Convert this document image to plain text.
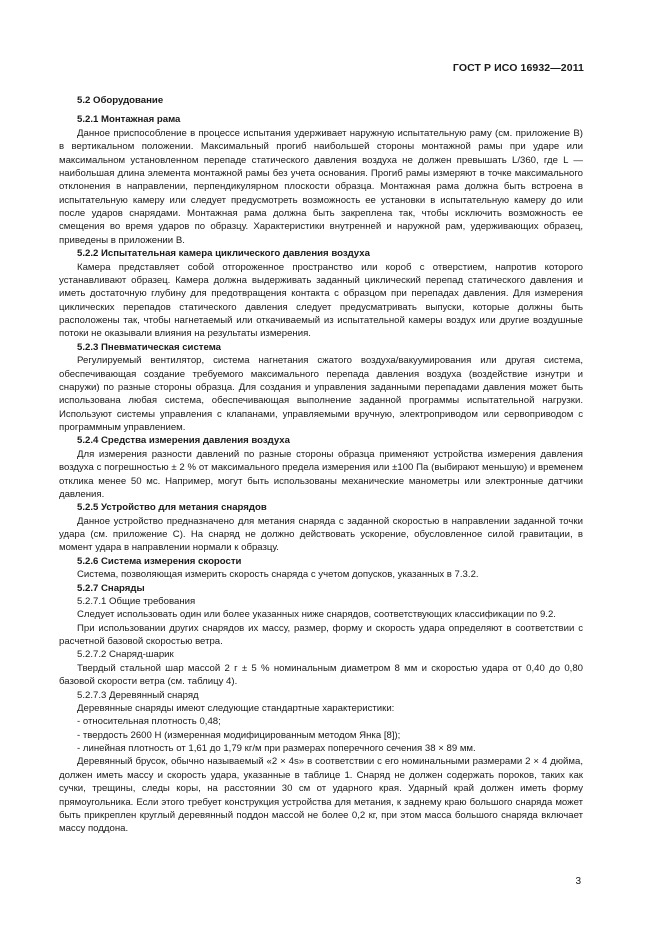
ГОСТ Р ИСО 16932—2011

5.2 Оборудование

5.2.1 Монтажная рама

Данное приспособление в процессе испытания удерживает наружную испытательную раму (см. приложение В) в вертикальном положении. Максимальный прогиб наибольшей стороны монтажной рамы при ударе или максимальном установленном перепаде статического давления воздуха не должен превышать L/360, где L — наибольшая длина элемента монтажной рамы без учета основания. Прогиб рамы измеряют в точке максимального отклонения в направлении, перпендикулярном плоскости образца. Монтажная рама должна быть встроена в испытательную камеру или следует предусмотреть возможность ее установки в испытательную камеру до или после ударов снарядами. Монтажная рама должна быть закреплена так, чтобы исключить возможность ее смещения во время ударов по образцу. Характеристики внутренней и наружной рам, удерживающих образец, приведены в приложении В.

5.2.2 Испытательная камера циклического давления воздуха

Камера представляет собой отгороженное пространство или короб с отверстием, напротив которого устанавливают образец. Камера должна выдерживать заданный циклический перепад статического давления и иметь достаточную глубину для предотвращения контакта с образцом при перепадах давления. Для измерения циклических перепадов статического давления следует предусматривать выпуски, которые должны быть расположены так, чтобы нагнетаемый или откачиваемый из испытательной камеры воздух или другие воздушные потоки не оказывали влияния на результаты измерения.

5.2.3 Пневматическая система

Регулируемый вентилятор, система нагнетания сжатого воздуха/вакуумирования или другая система, обеспечивающая создание требуемого максимального перепада давления воздуха (воздействие изнутри и снаружи) по разные стороны образца. Для создания и управления заданными перепадами давления может быть использована любая система, обеспечивающая выполнение заданной программы испытательной нагрузки. Используют системы управления с клапанами, управляемыми вручную, электроприводом или сервоприводом с программным управлением.

5.2.4 Средства измерения давления воздуха

Для измерения разности давлений по разные стороны образца применяют устройства измерения давления воздуха с погрешностью ± 2 % от максимального предела измерения или ±100 Па (выбирают меньшую) и временем отклика менее 50 мс. Например, могут быть использованы механические манометры или электронные датчики давления.

5.2.5 Устройство для метания снарядов

Данное устройство предназначено для метания снаряда с заданной скоростью в направлении заданной точки удара (см. приложение С). На снаряд не должно действовать ускорение, обусловленное силой гравитации, в момент удара в направлении нормали к образцу.

5.2.6 Система измерения скорости

Система, позволяющая измерить скорость снаряда с учетом допусков, указанных в 7.3.2.

5.2.7 Снаряды

5.2.7.1 Общие требования

Следует использовать один или более указанных ниже снарядов, соответствующих классификации по 9.2.

При использовании других снарядов их массу, размер, форму и скорость удара определяют в соответствии с расчетной базовой скоростью ветра.

5.2.7.2 Снаряд-шарик

Твердый стальной шар массой 2 г ± 5 % номинальным диаметром 8 мм и скоростью удара от 0,40 до 0,80 базовой скорости ветра (см. таблицу 4).

5.2.7.3 Деревянный снаряд

Деревянные снаряды имеют следующие стандартные характеристики:

- относительная плотность 0,48;

- твердость 2600 Н (измеренная модифицированным методом Янка [8]);

- линейная плотность от 1,61 до 1,79 кг/м при размерах поперечного сечения 38 × 89 мм.

Деревянный брусок, обычно называемый «2 × 4s» в соответствии с его номинальными размерами 2 × 4 дюйма, должен иметь массу и скорость удара, указанные в таблице 1. Снаряд не должен содержать пороков, таких как сучки, трещины, следы коры, на расстоянии 30 см от ударного края. Ударный край должен иметь форму прямоугольника. Если этого требует конструкция устройства для метания, к заднему краю большого снаряда может быть прикреплен круглый деревянный поддон массой не более 0,2 кг, при этом масса большого снаряда включает массу поддона.

3
